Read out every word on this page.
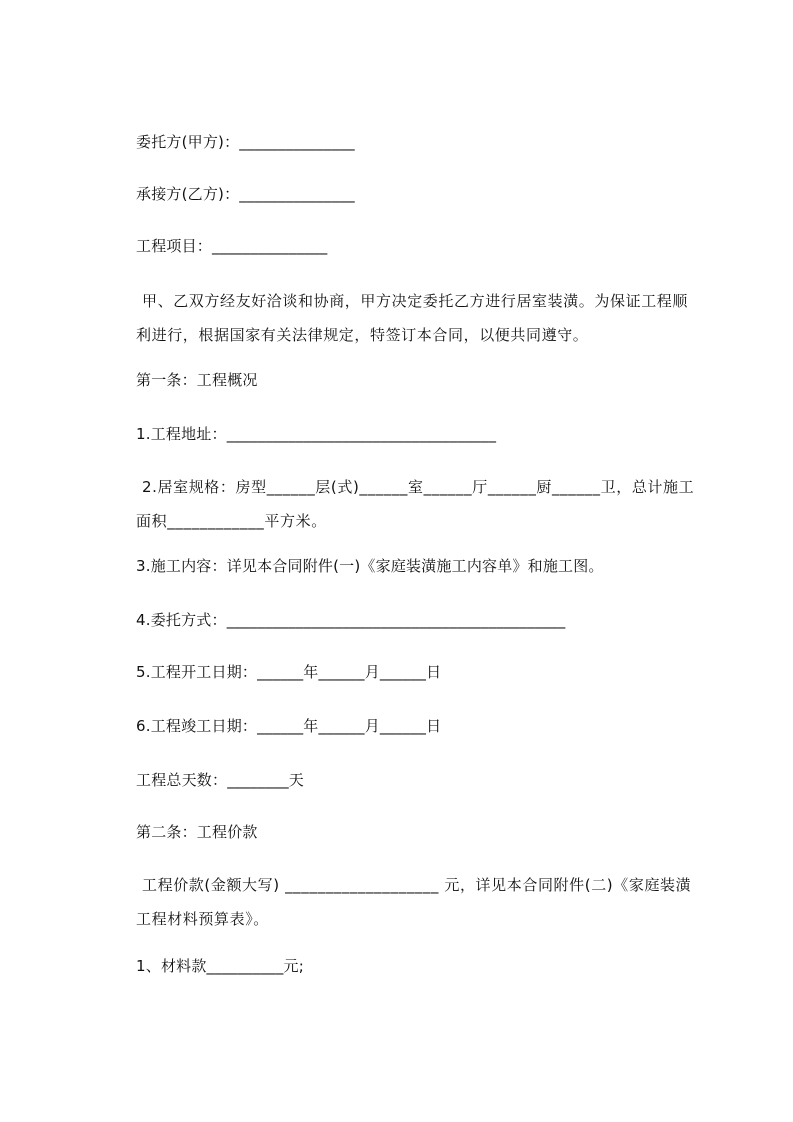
委托方(甲方)：_______________
承接方(乙方)：_______________
工程项目：_______________
甲、乙双方经友好洽谈和协商，甲方决定委托乙方进行居室装潢。为保证工程顺利进行，根据国家有关法律规定，特签订本合同，以便共同遵守。
第一条：工程概况
1.工程地址：___________________________________
2.居室规格：房型______层(式)______室______厅______厨______卫，总计施工面积____________平方米。
3.施工内容：详见本合同附件(一)《家庭装潢施工内容单》和施工图。
4.委托方式：____________________________________________
5.工程开工日期：______年______月______日
6.工程竣工日期：______年______月______日
工程总天数：________天
第二条：工程价款
工程价款(金额大写) ___________________ 元，详见本合同附件(二)《家庭装潢工程材料预算表》。
1、材料款__________元;
